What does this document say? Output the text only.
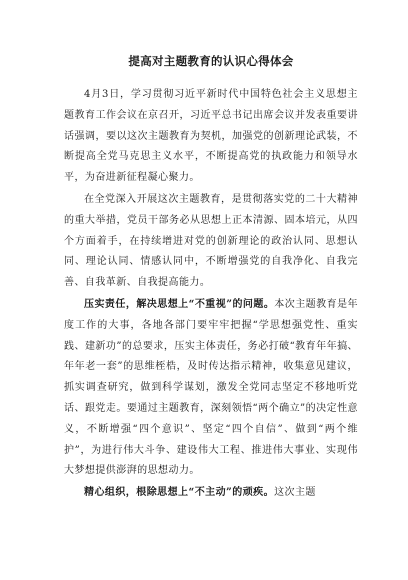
提高对主题教育的认识心得体会
4月3日，学习贯彻习近平新时代中国特色社会主义思想主题教育工作会议在京召开，习近平总书记出席会议并发表重要讲话强调，要以这次主题教育为契机，加强党的创新理论武装，不断提高全党马克思主义水平，不断提高党的执政能力和领导水平，为奋进新征程凝心聚力。
在全党深入开展这次主题教育，是贯彻落实党的二十大精神的重大举措，党员干部务必从思想上正本清源、固本培元，从四个方面着手，在持续增进对党的创新理论的政治认同、思想认同、理论认同、情感认同中，不断增强党的自我净化、自我完善、自我革新、自我提高能力。
压实责任，解决思想上“不重视”的问题。本次主题教育是年度工作的大事，各地各部门要牢牢把握“学思想强党性、重实践、建新功”的总要求，压实主体责任，务必打破“教育年年搞、年年老一套”的思维桎梏，及时传达指示精神，收集意见建议，抓实调查研究，做到科学谋划，激发全党同志坚定不移地听党话、跟党走。要通过主题教育，深刻领悟“两个确立”的决定性意义，不断增强“四个意识”、坚定“四个自信”、做到“两个维护”，为进行伟大斗争、建设伟大工程、推进伟大事业、实现伟大梦想提供澎湃的思想动力。
精心组织，根除思想上“不主动”的顽疾。这次主题
